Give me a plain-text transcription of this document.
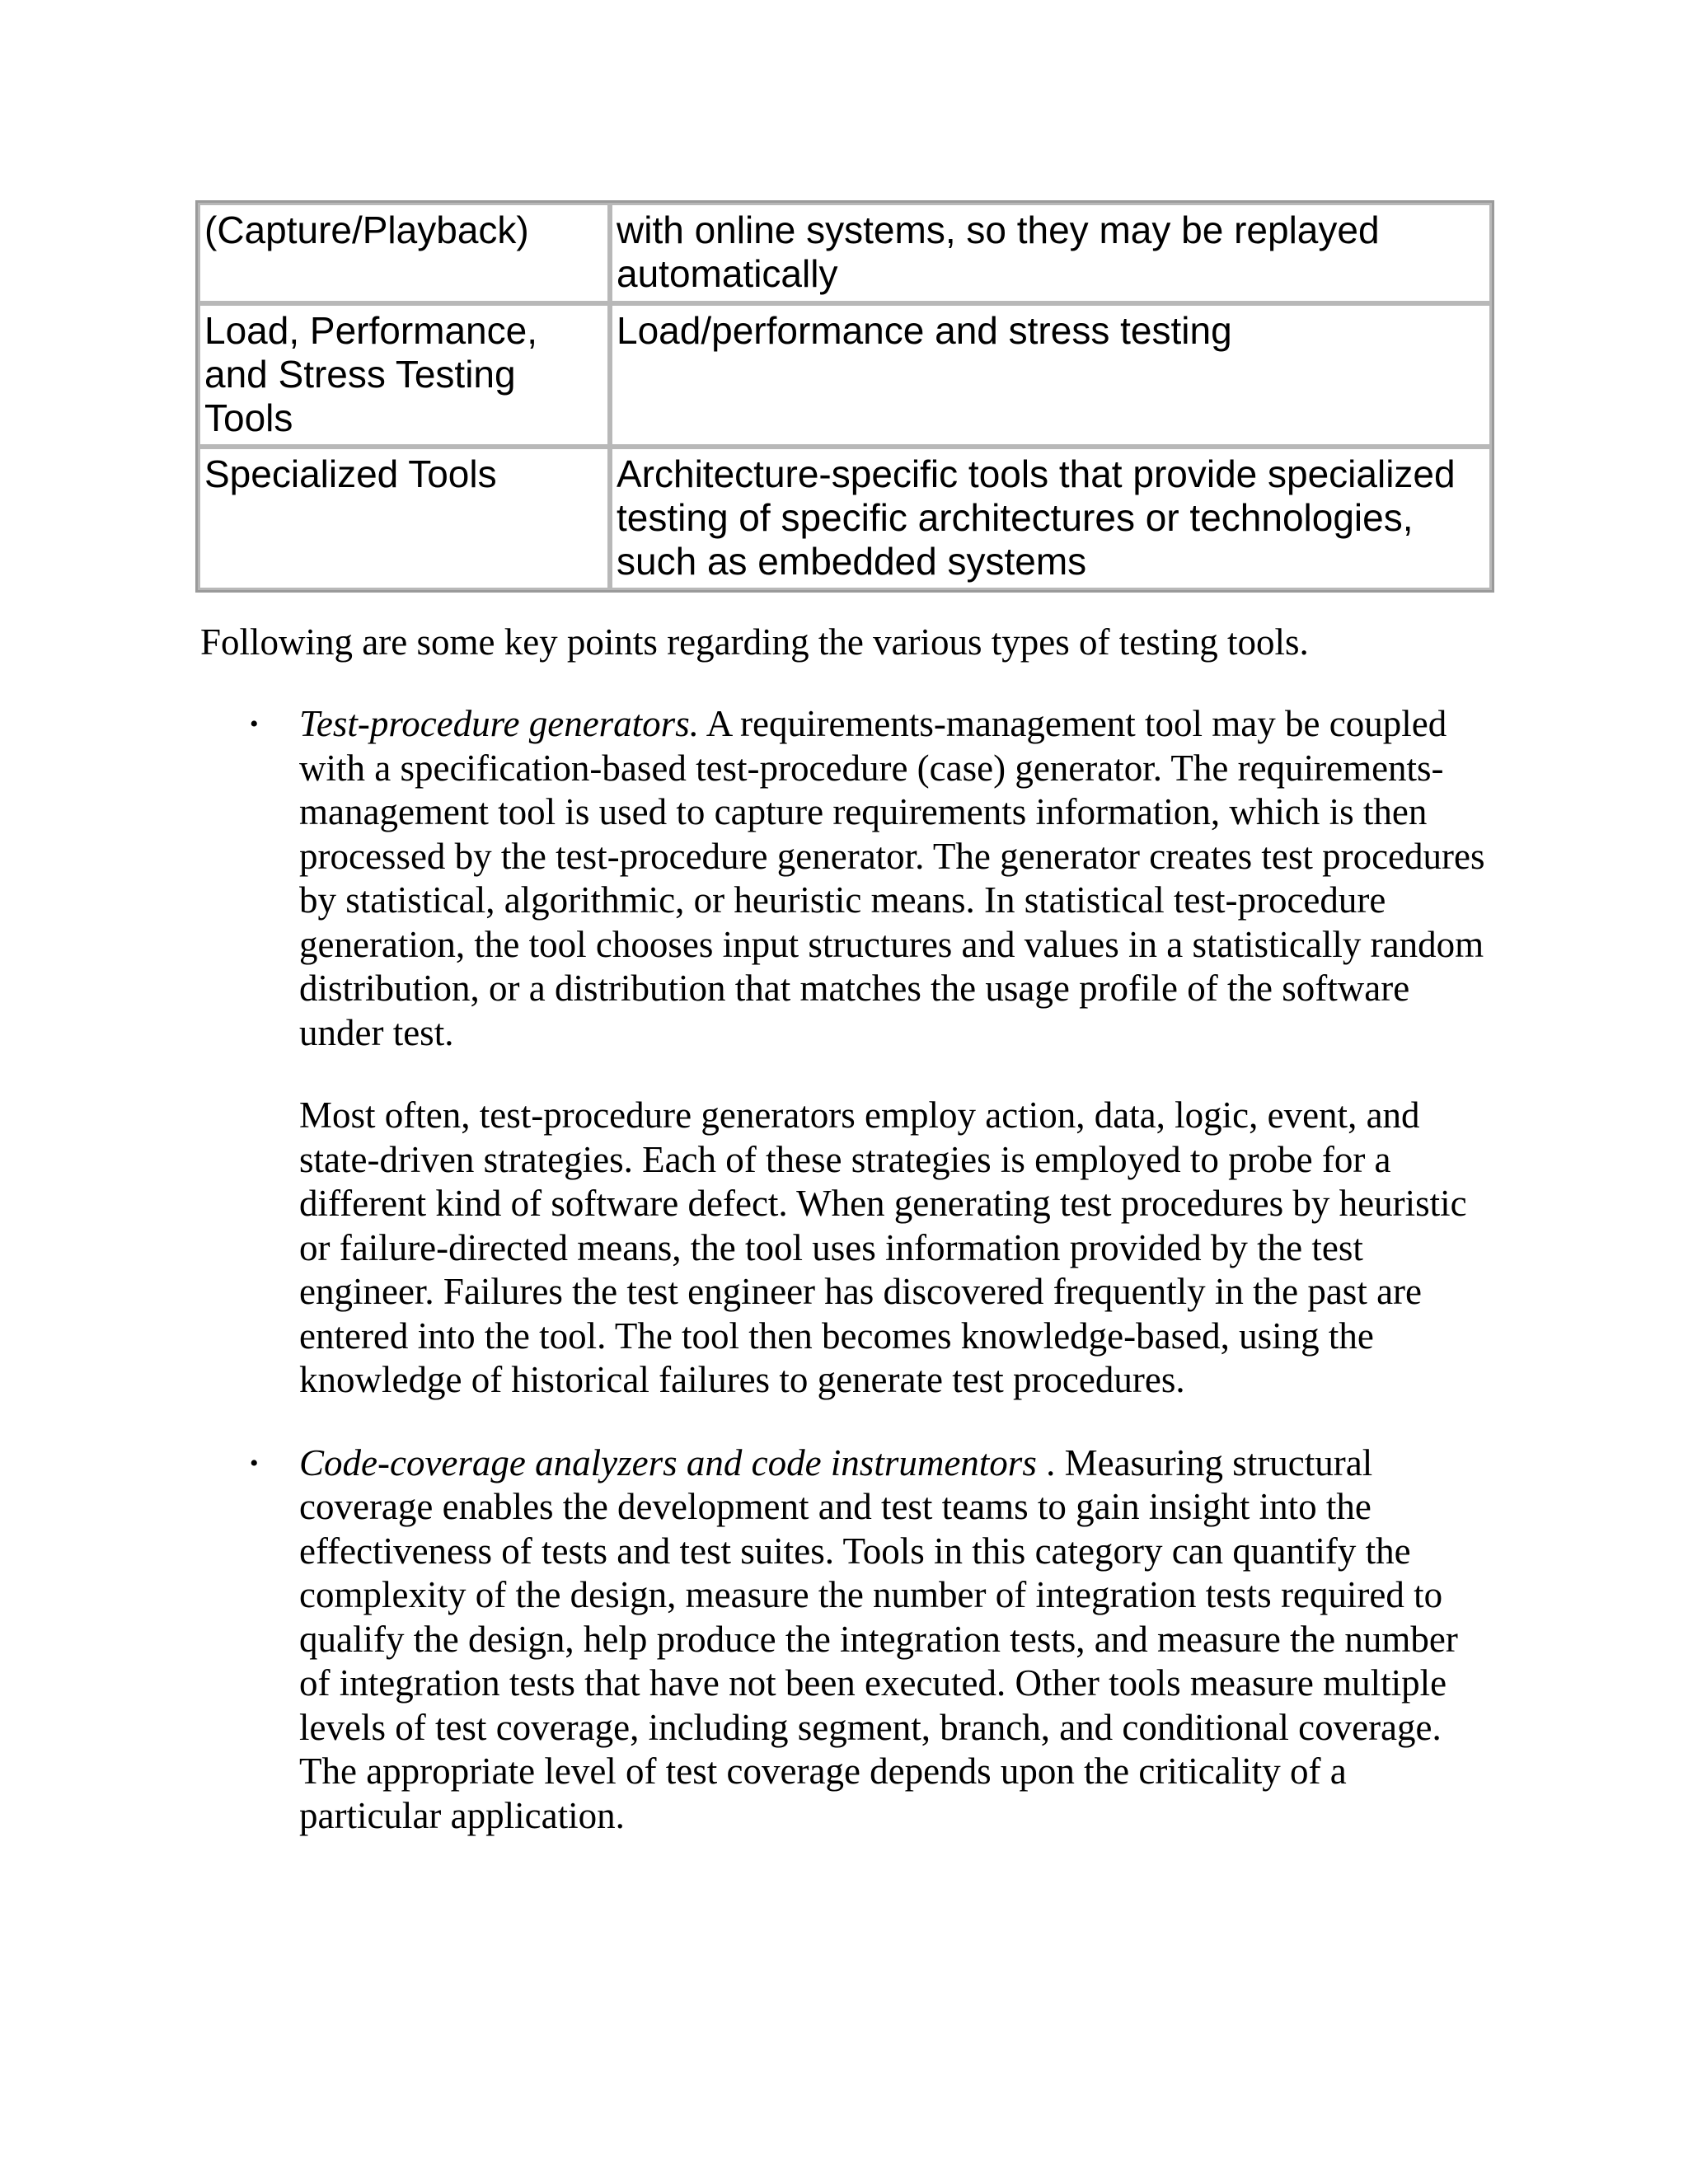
(Capture/Playback)	with online systems, so they may be replayed automatically
Load, Performance, and Stress Testing Tools	Load/performance and stress testing
Specialized Tools	Architecture-specific tools that provide specialized testing of specific architectures or technologies, such as embedded systems

Following are some key points regarding the various types of testing tools.

• Test-procedure generators. A requirements-management tool may be coupled with a specification-based test-procedure (case) generator. The requirements-management tool is used to capture requirements information, which is then processed by the test-procedure generator. The generator creates test procedures by statistical, algorithmic, or heuristic means. In statistical test-procedure generation, the tool chooses input structures and values in a statistically random distribution, or a distribution that matches the usage profile of the software under test.

Most often, test-procedure generators employ action, data, logic, event, and state-driven strategies. Each of these strategies is employed to probe for a different kind of software defect. When generating test procedures by heuristic or failure-directed means, the tool uses information provided by the test engineer. Failures the test engineer has discovered frequently in the past are entered into the tool. The tool then becomes knowledge-based, using the knowledge of historical failures to generate test procedures.

• Code-coverage analyzers and code instrumentors . Measuring structural coverage enables the development and test teams to gain insight into the effectiveness of tests and test suites. Tools in this category can quantify the complexity of the design, measure the number of integration tests required to qualify the design, help produce the integration tests, and measure the number of integration tests that have not been executed. Other tools measure multiple levels of test coverage, including segment, branch, and conditional coverage. The appropriate level of test coverage depends upon the criticality of a particular application.
